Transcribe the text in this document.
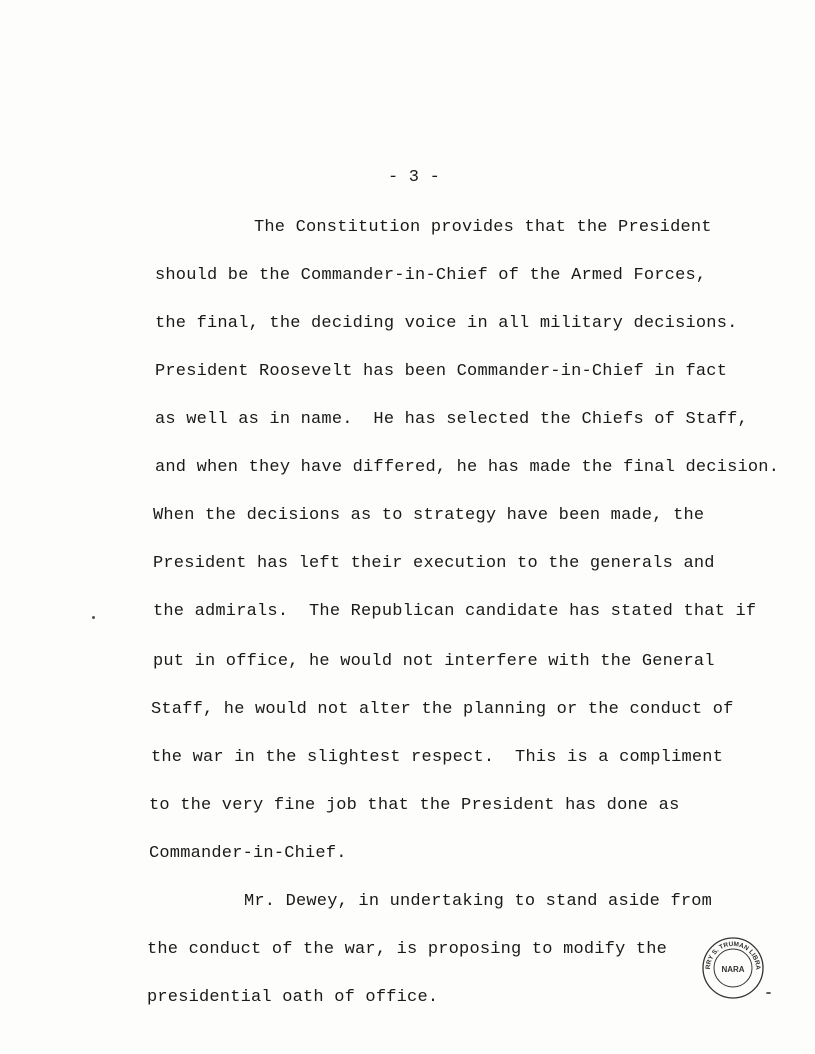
- 3 -
The Constitution provides that the President
should be the Commander-in-Chief of the Armed Forces,
the final, the deciding voice in all military decisions.
President Roosevelt has been Commander-in-Chief in fact
as well as in name.  He has selected the Chiefs of Staff,
and when they have differed, he has made the final decision.
When the decisions as to strategy have been made, the
President has left their execution to the generals and
the admirals.  The Republican candidate has stated that if
put in office, he would not interfere with the General
Staff, he would not alter the planning or the conduct of
the war in the slightest respect.  This is a compliment
to the very fine job that the President has done as
Commander-in-Chief.
Mr. Dewey, in undertaking to stand aside from
the conduct of the war, is proposing to modify the
presidential oath of office.
RRY S. TRUMAN LIBRA
NARA
